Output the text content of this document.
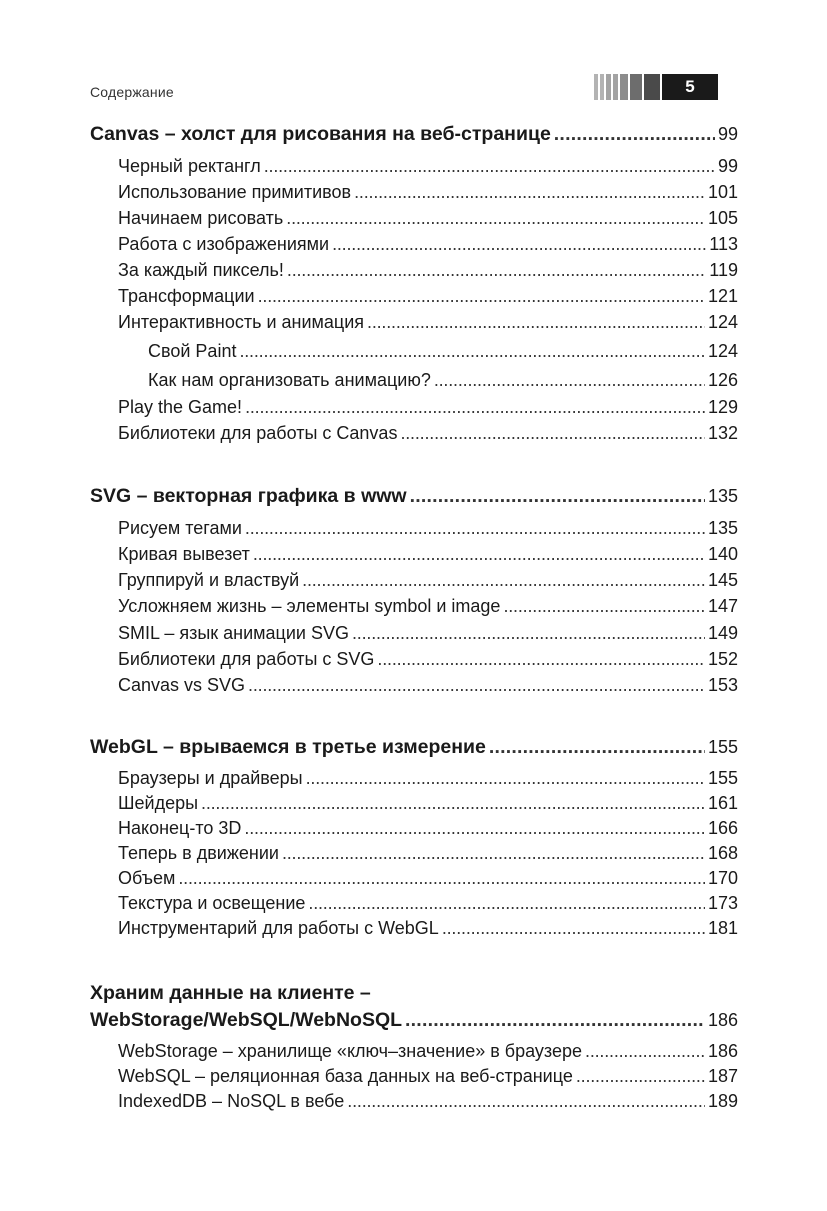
Содержание	5
Canvas – холст для рисования на веб-странице . . .	99
Черный ректангл . . .	99
Использование примитивов . . .	101
Начинаем рисовать . . .	105
Работа с изображениями . . .	113
За каждый пиксель! . . .	119
Трансформации . . .	121
Интерактивность и анимация . . .	124
Свой Paint . . .	124
Как нам организовать анимацию? . . .	126
Play the Game! . . .	129
Библиотеки для работы с Canvas . . .	132
SVG – векторная графика в www . . .	135
Рисуем тегами . . .	135
Кривая вывезет . . .	140
Группируй и властвуй . . .	145
Усложняем жизнь – элементы symbol и image . . .	147
SMIL – язык анимации SVG . . .	149
Библиотеки для работы с SVG . . .	152
Canvas vs SVG . . .	153
WebGL – врываемся в третье измерение . . .	155
Браузеры и драйверы . . .	155
Шейдеры . . .	161
Наконец-то 3D . . .	166
Теперь в движении . . .	168
Объем . . .	170
Текстура и освещение . . .	173
Инструментарий для работы с WebGL . . .	181
Храним данные на клиенте –
WebStorage/WebSQL/WebNoSQL . . .	186
WebStorage – хранилище «ключ–значение» в браузере . . .	186
WebSQL – реляционная база данных на веб-странице . . .	187
IndexedDB – NoSQL в вебе . . .	189
